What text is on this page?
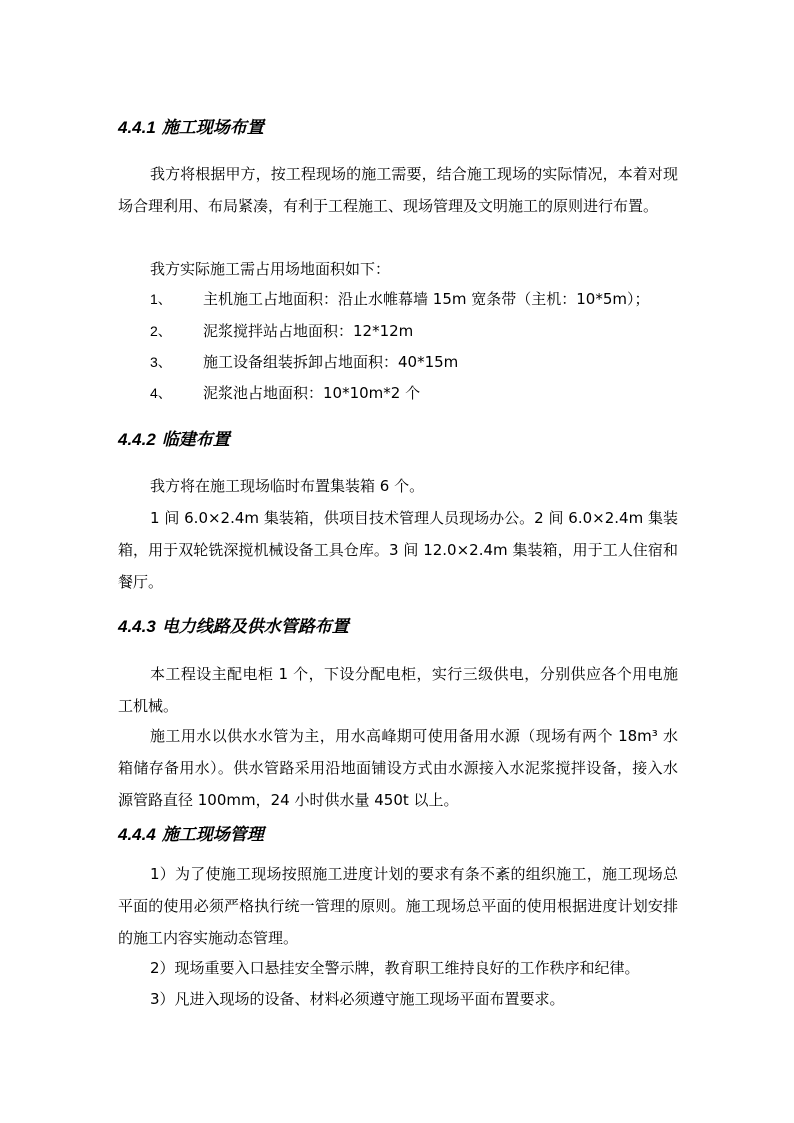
4.4.1 施工现场布置
我方将根据甲方，按工程现场的施工需要，结合施工现场的实际情况，本着对现场合理利用、布局紧凑，有利于工程施工、现场管理及文明施工的原则进行布置。
我方实际施工需占用场地面积如下：
1、 主机施工占地面积：沿止水帷幕墙 15m 宽条带（主机：10*5m）；
2、 泥浆搅拌站占地面积：12*12m
3、 施工设备组装拆卸占地面积：40*15m
4、 泥浆池占地面积：10*10m*2 个
4.4.2 临建布置
我方将在施工现场临时布置集装箱 6 个。
1 间 6.0×2.4m 集装箱，供项目技术管理人员现场办公。2 间 6.0×2.4m 集装箱，用于双轮铣深搅机械设备工具仓库。3 间 12.0×2.4m 集装箱，用于工人住宿和餐厅。
4.4.3 电力线路及供水管路布置
本工程设主配电柜 1 个，下设分配电柜，实行三级供电，分别供应各个用电施工机械。
施工用水以供水水管为主，用水高峰期可使用备用水源（现场有两个 18m³ 水箱储存备用水）。供水管路采用沿地面铺设方式由水源接入水泥浆搅拌设备，接入水源管路直径 100mm，24 小时供水量 450t 以上。
4.4.4 施工现场管理
1）为了使施工现场按照施工进度计划的要求有条不紊的组织施工，施工现场总平面的使用必须严格执行统一管理的原则。施工现场总平面的使用根据进度计划安排的施工内容实施动态管理。
2）现场重要入口悬挂安全警示牌，教育职工维持良好的工作秩序和纪律。
3）凡进入现场的设备、材料必须遵守施工现场平面布置要求。
